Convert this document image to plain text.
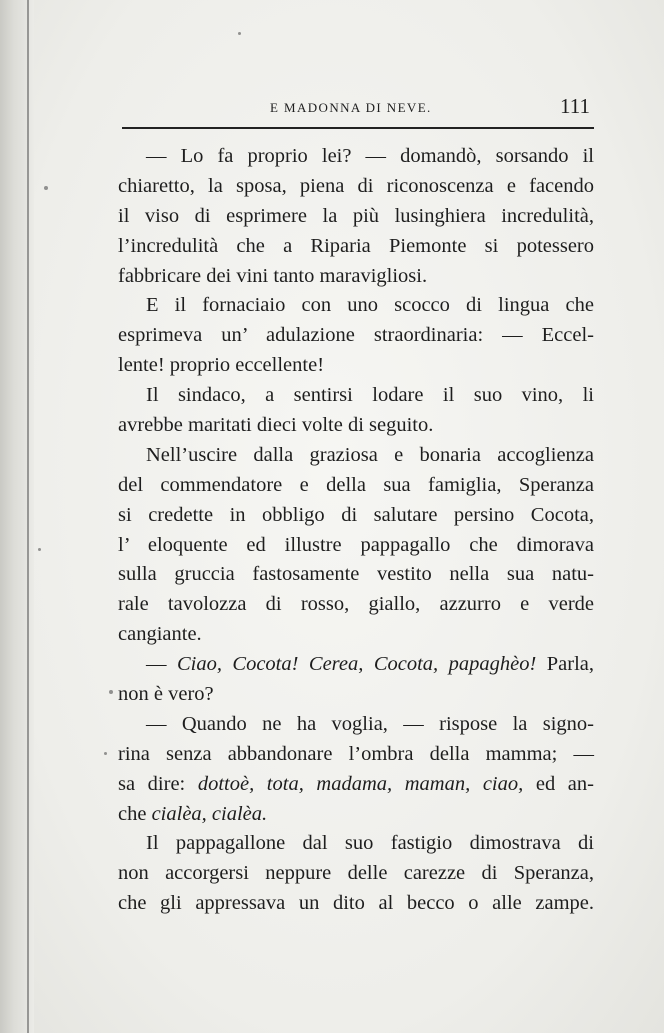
E MADONNA DI NEVE.	111
— Lo fa proprio lei? — domandò, sorsando il
chiaretto, la sposa, piena di riconoscenza e facendo
il viso di esprimere la più lusinghiera incredulità,
l’incredulità che a Riparia Piemonte si potessero
fabbricare dei vini tanto maravigliosi.
E il fornaciaio con uno scocco di lingua che
esprimeva un’ adulazione straordinaria: — Eccel-
lente! proprio eccellente!
Il sindaco, a sentirsi lodare il suo vino, li
avrebbe maritati dieci volte di seguito.
Nell’uscire dalla graziosa e bonaria accoglienza
del commendatore e della sua famiglia, Speranza
si credette in obbligo di salutare persino Cocota,
l’ eloquente ed illustre pappagallo che dimorava
sulla gruccia fastosamente vestito nella sua natu-
rale tavolozza di rosso, giallo, azzurro e verde
cangiante.
— Ciao, Cocota! Cerea, Cocota, papaghèo! Parla,
non è vero?
— Quando ne ha voglia, — rispose la signo-
rina senza abbandonare l’ombra della mamma; —
sa dire: dottoè, tota, madama, maman, ciao, ed an-
che cialèa, cialèa.
Il pappagallone dal suo fastigio dimostrava di
non accorgersi neppure delle carezze di Speranza,
che gli appressava un dito al becco o alle zampe.
